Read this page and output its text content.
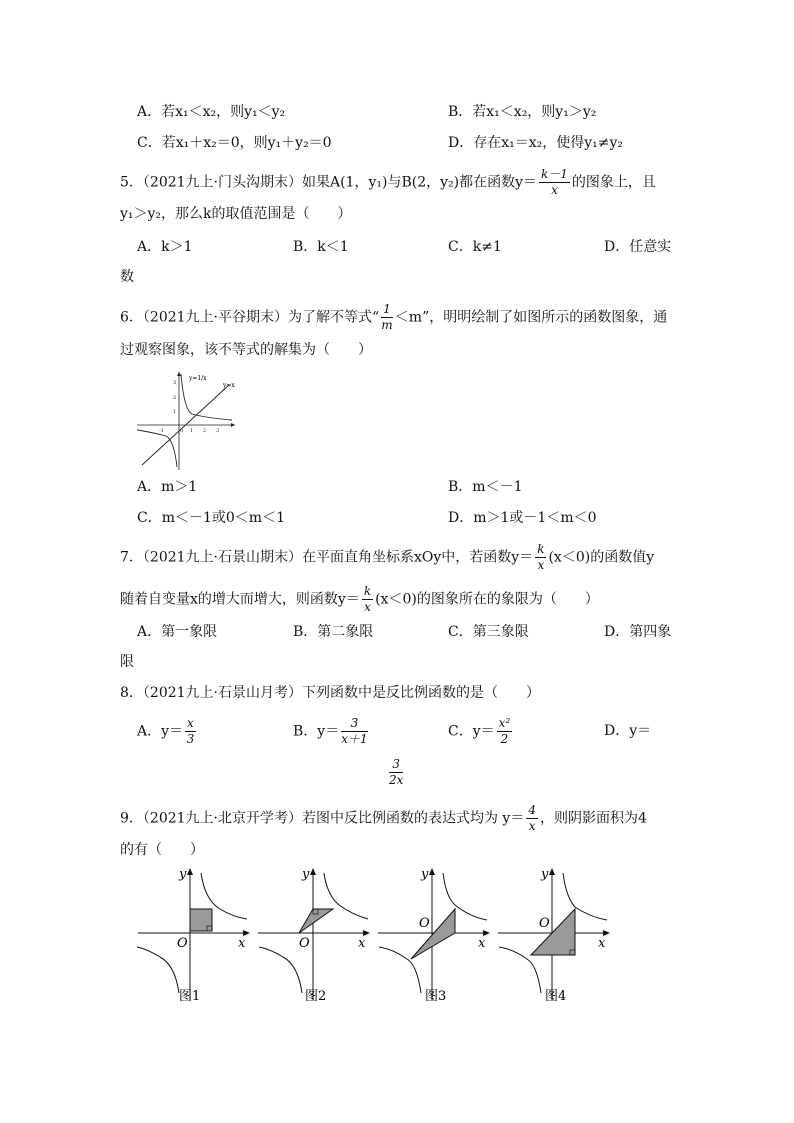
A．若x₁＜x₂，则y₁＜y₂	B．若x₁＜x₂，则y₁＞y₂
C．若x₁＋x₂＝0，则y₁＋y₂＝0	D．存在x₁＝x₂，使得y₁≠y₂
5．（2021九上·门头沟期末）如果A(1，y₁)与B(2，y₂)都在函数$y= \frac{k-1}{x}$ 的图象上，且
y₁＞y₂，那么k的取值范围是（　　）
A．k＞1	B．k＜1	C．k≠1	D．任意实
数
6．（2021九上·平谷期末）为了解不等式“ $\frac{1}{m} <m$”，明明绘制了如图所示的函数图象，通
过观察图象，该不等式的解集为（　　）
y=1/x
y=x
3
2
1
1 2 3
-1	0
A．m＞1	B．m＜－1
C．m＜－1或0＜m＜1	D．m＞1或－1＜m＜0
7．（2021九上·石景山期末）在平面直角坐标系xOy中，若函数$y= \frac{k}{x} (x<0)$的函数值y
随着自变量x的增大而增大，则函数$y= \frac{k}{x} (x<0)$的图象所在的象限为（　　）
A．第一象限	B．第二象限	C．第三象限	D．第四象
限
8．（2021九上·石景山月考）下列函数中是反比例函数的是（　　）
A．$y= \frac{x}{3}$	B．$y= \frac{3}{x+1}$	C．$y= \frac{\text{x²}}{2}$	D．y＝
$\frac{3}{2x}$
9．（2021九上·北京开学考）若图中反比例函数的表达式均为 $y= \frac{4}{x}$ ，则阴影面积为4
的有（　　）
y
x
O
图1
y
x
O
图2
y
x
O
图3
y
x
O
图4
